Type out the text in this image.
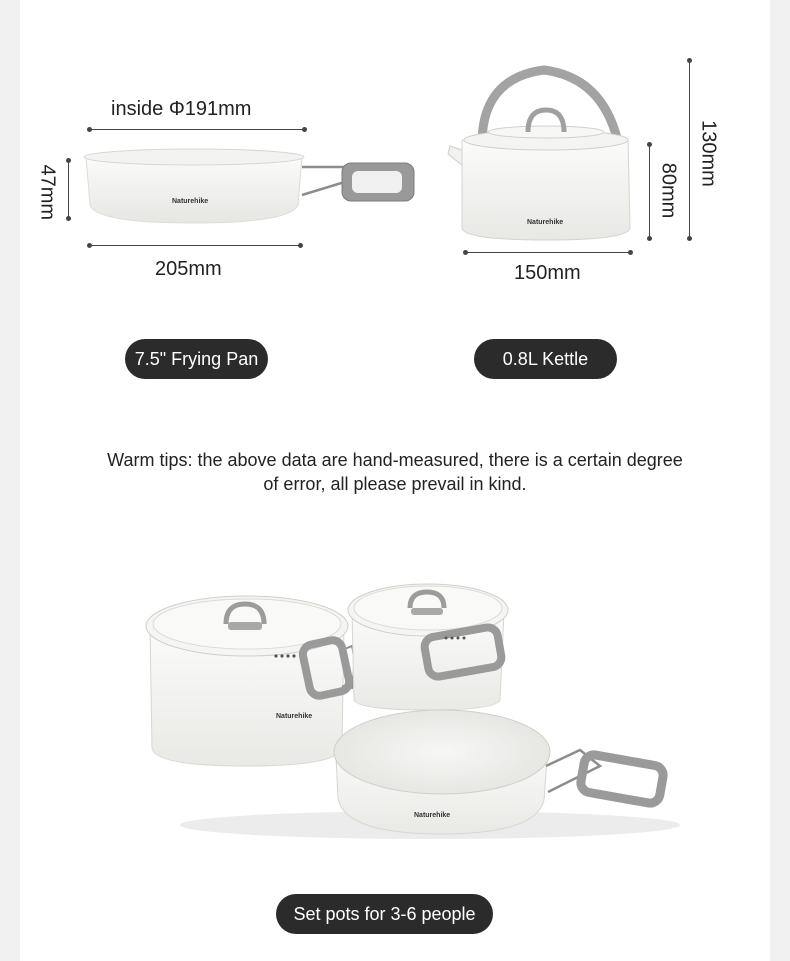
inside Φ191mm
47mm	Naturehike
205mm
7.5" Frying Pan
Naturehike
130mm
80mm
150mm
0.8L Kettle
Warm tips: the above data are hand-measured, there is a certain degree
of error, all please prevail in kind.
Naturehike
Naturehike
Set pots for 3-6 people
